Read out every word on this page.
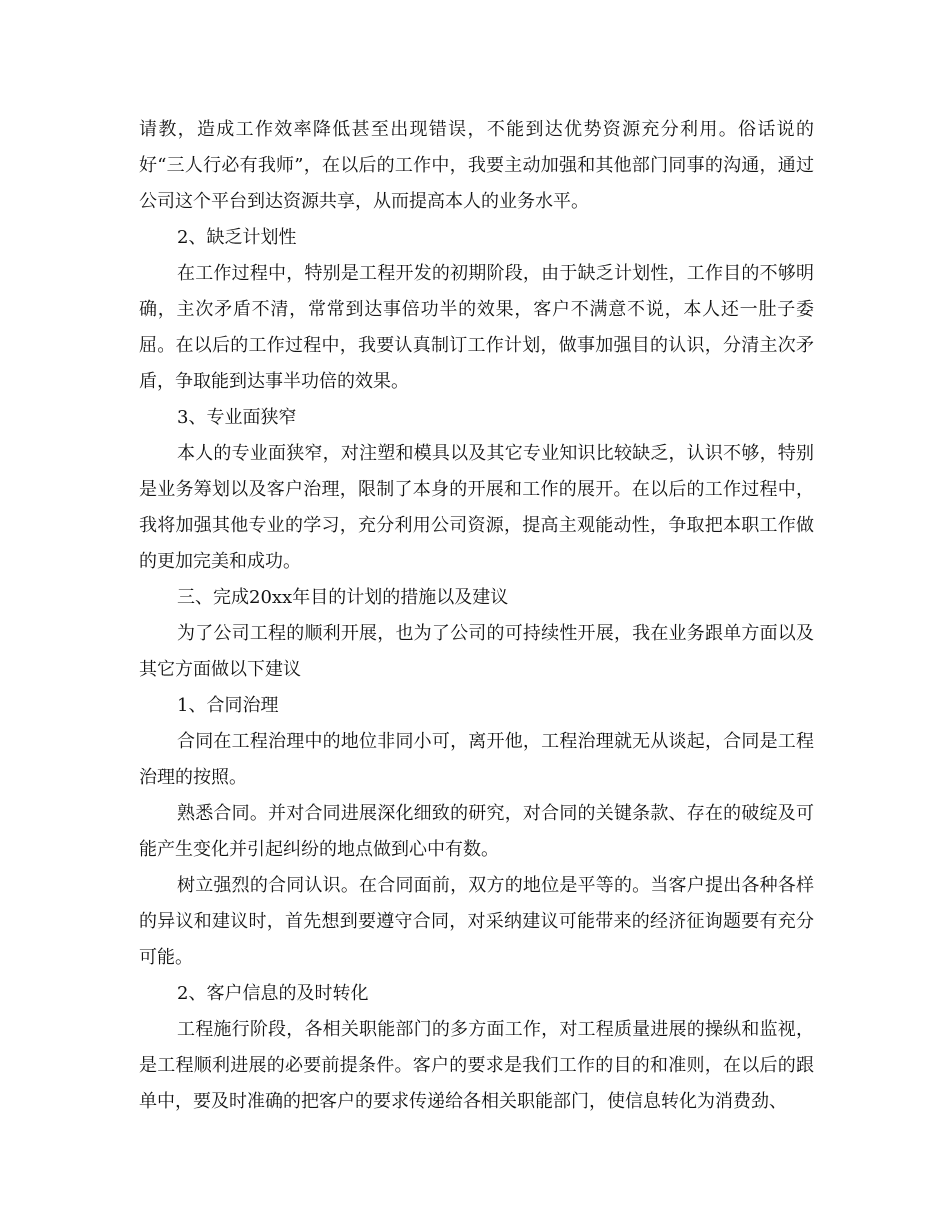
请教，造成工作效率降低甚至出现错误，不能到达优势资源充分利用。俗话说的好“三人行必有我师”，在以后的工作中，我要主动加强和其他部门同事的沟通，通过公司这个平台到达资源共享，从而提高本人的业务水平。

2、缺乏计划性

在工作过程中，特别是工程开发的初期阶段，由于缺乏计划性，工作目的不够明确，主次矛盾不清，常常到达事倍功半的效果，客户不满意不说，本人还一肚子委屈。在以后的工作过程中，我要认真制订工作计划，做事加强目的认识，分清主次矛盾，争取能到达事半功倍的效果。

3、专业面狭窄

本人的专业面狭窄，对注塑和模具以及其它专业知识比较缺乏，认识不够，特别是业务筹划以及客户治理，限制了本身的开展和工作的展开。在以后的工作过程中，我将加强其他专业的学习，充分利用公司资源，提高主观能动性，争取把本职工作做的更加完美和成功。

三、完成20xx年目的计划的措施以及建议

为了公司工程的顺利开展，也为了公司的可持续性开展，我在业务跟单方面以及其它方面做以下建议

1、合同治理

合同在工程治理中的地位非同小可，离开他，工程治理就无从谈起，合同是工程治理的按照。

熟悉合同。并对合同进展深化细致的研究，对合同的关键条款、存在的破绽及可能产生变化并引起纠纷的地点做到心中有数。

树立强烈的合同认识。在合同面前，双方的地位是平等的。当客户提出各种各样的异议和建议时，首先想到要遵守合同，对采纳建议可能带来的经济征询题要有充分可能。

2、客户信息的及时转化

工程施行阶段，各相关职能部门的多方面工作，对工程质量进展的操纵和监视，是工程顺利进展的必要前提条件。客户的要求是我们工作的目的和准则，在以后的跟单中，要及时准确的把客户的要求传递给各相关职能部门，使信息转化为消费劲、
